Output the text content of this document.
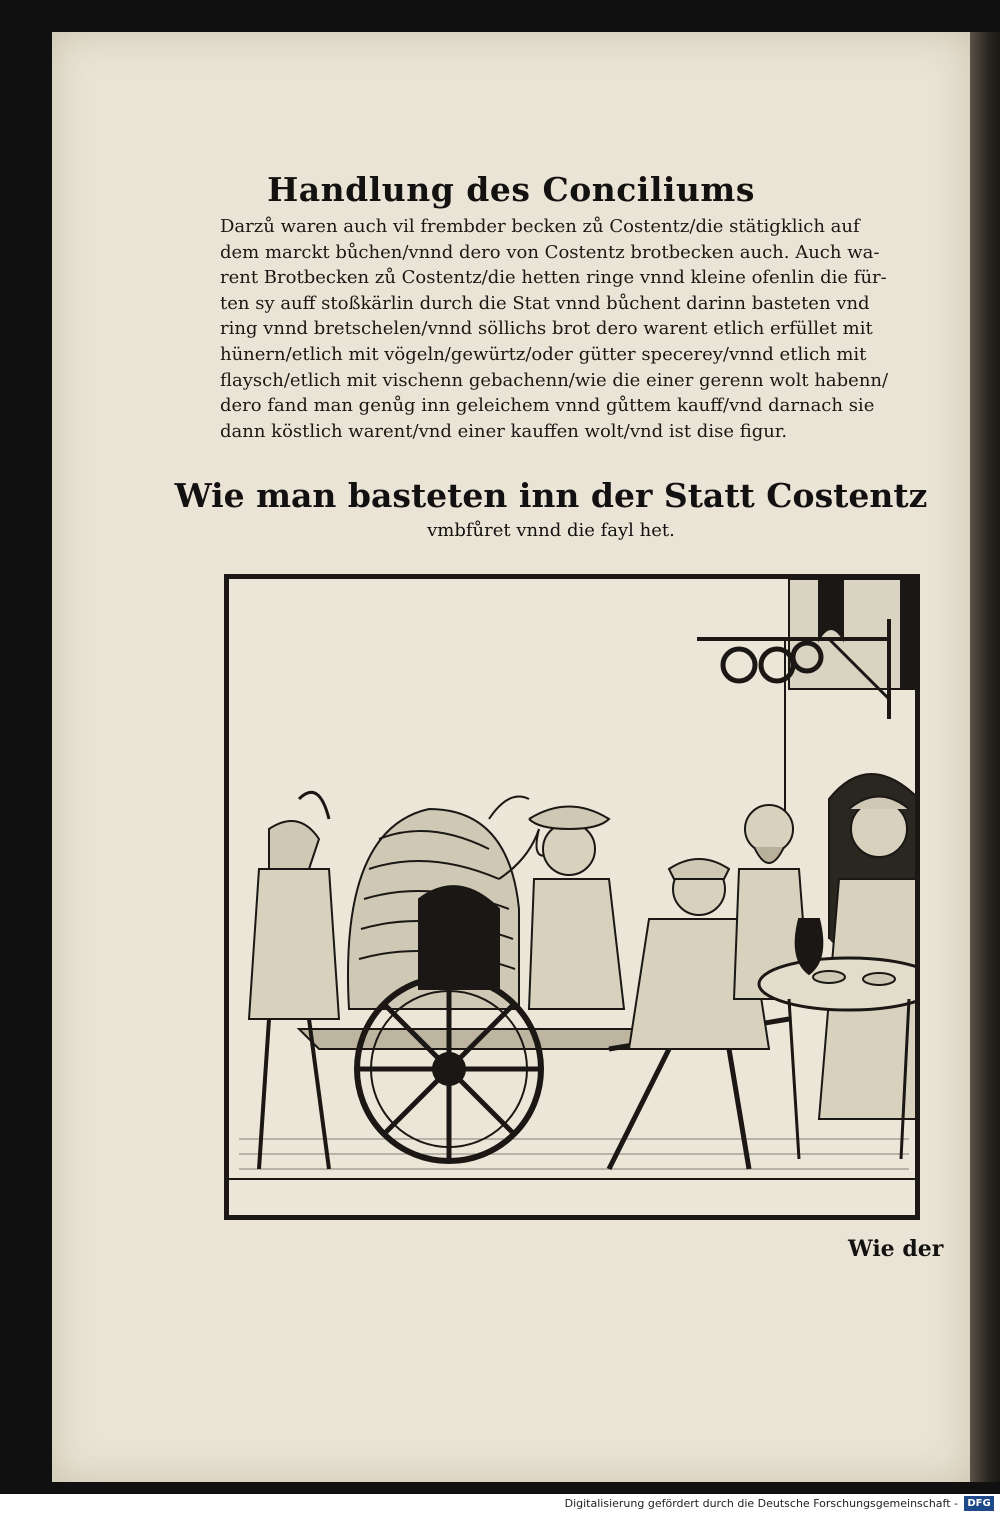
Handlung des Conciliums
Darzů waren auch vil frembder becken zů Costentz/die stätigklich auf
dem marckt bůchen/vnnd dero von Costentz brotbecken auch. Auch wa-
rent Brotbecken zů Costentz/die hetten ringe vnnd kleine ofenlin die für-
ten sy auff stoßkärlin durch die Stat vnnd bůchent darinn basteten vnd
ring vnnd bretschelen/vnnd söllichs brot dero warent etlich erfüllet mit
hünern/etlich mit vögeln/gewürtz/oder gütter specerey/vnnd etlich mit
flaysch/etlich mit vischenn gebachenn/wie die einer gerenn wolt habenn/
dero fand man genůg inn geleichem vnnd gůttem kauff/vnd darnach sie
dann köstlich warent/vnd einer kauffen wolt/vnd ist dise figur.
Wie man basteten inn der Statt Costentz
vmbfůret vnnd die fayl het.
Wie der
Digitalisierung gefördert durch die Deutsche Forschungsgemeinschaft - DFG
